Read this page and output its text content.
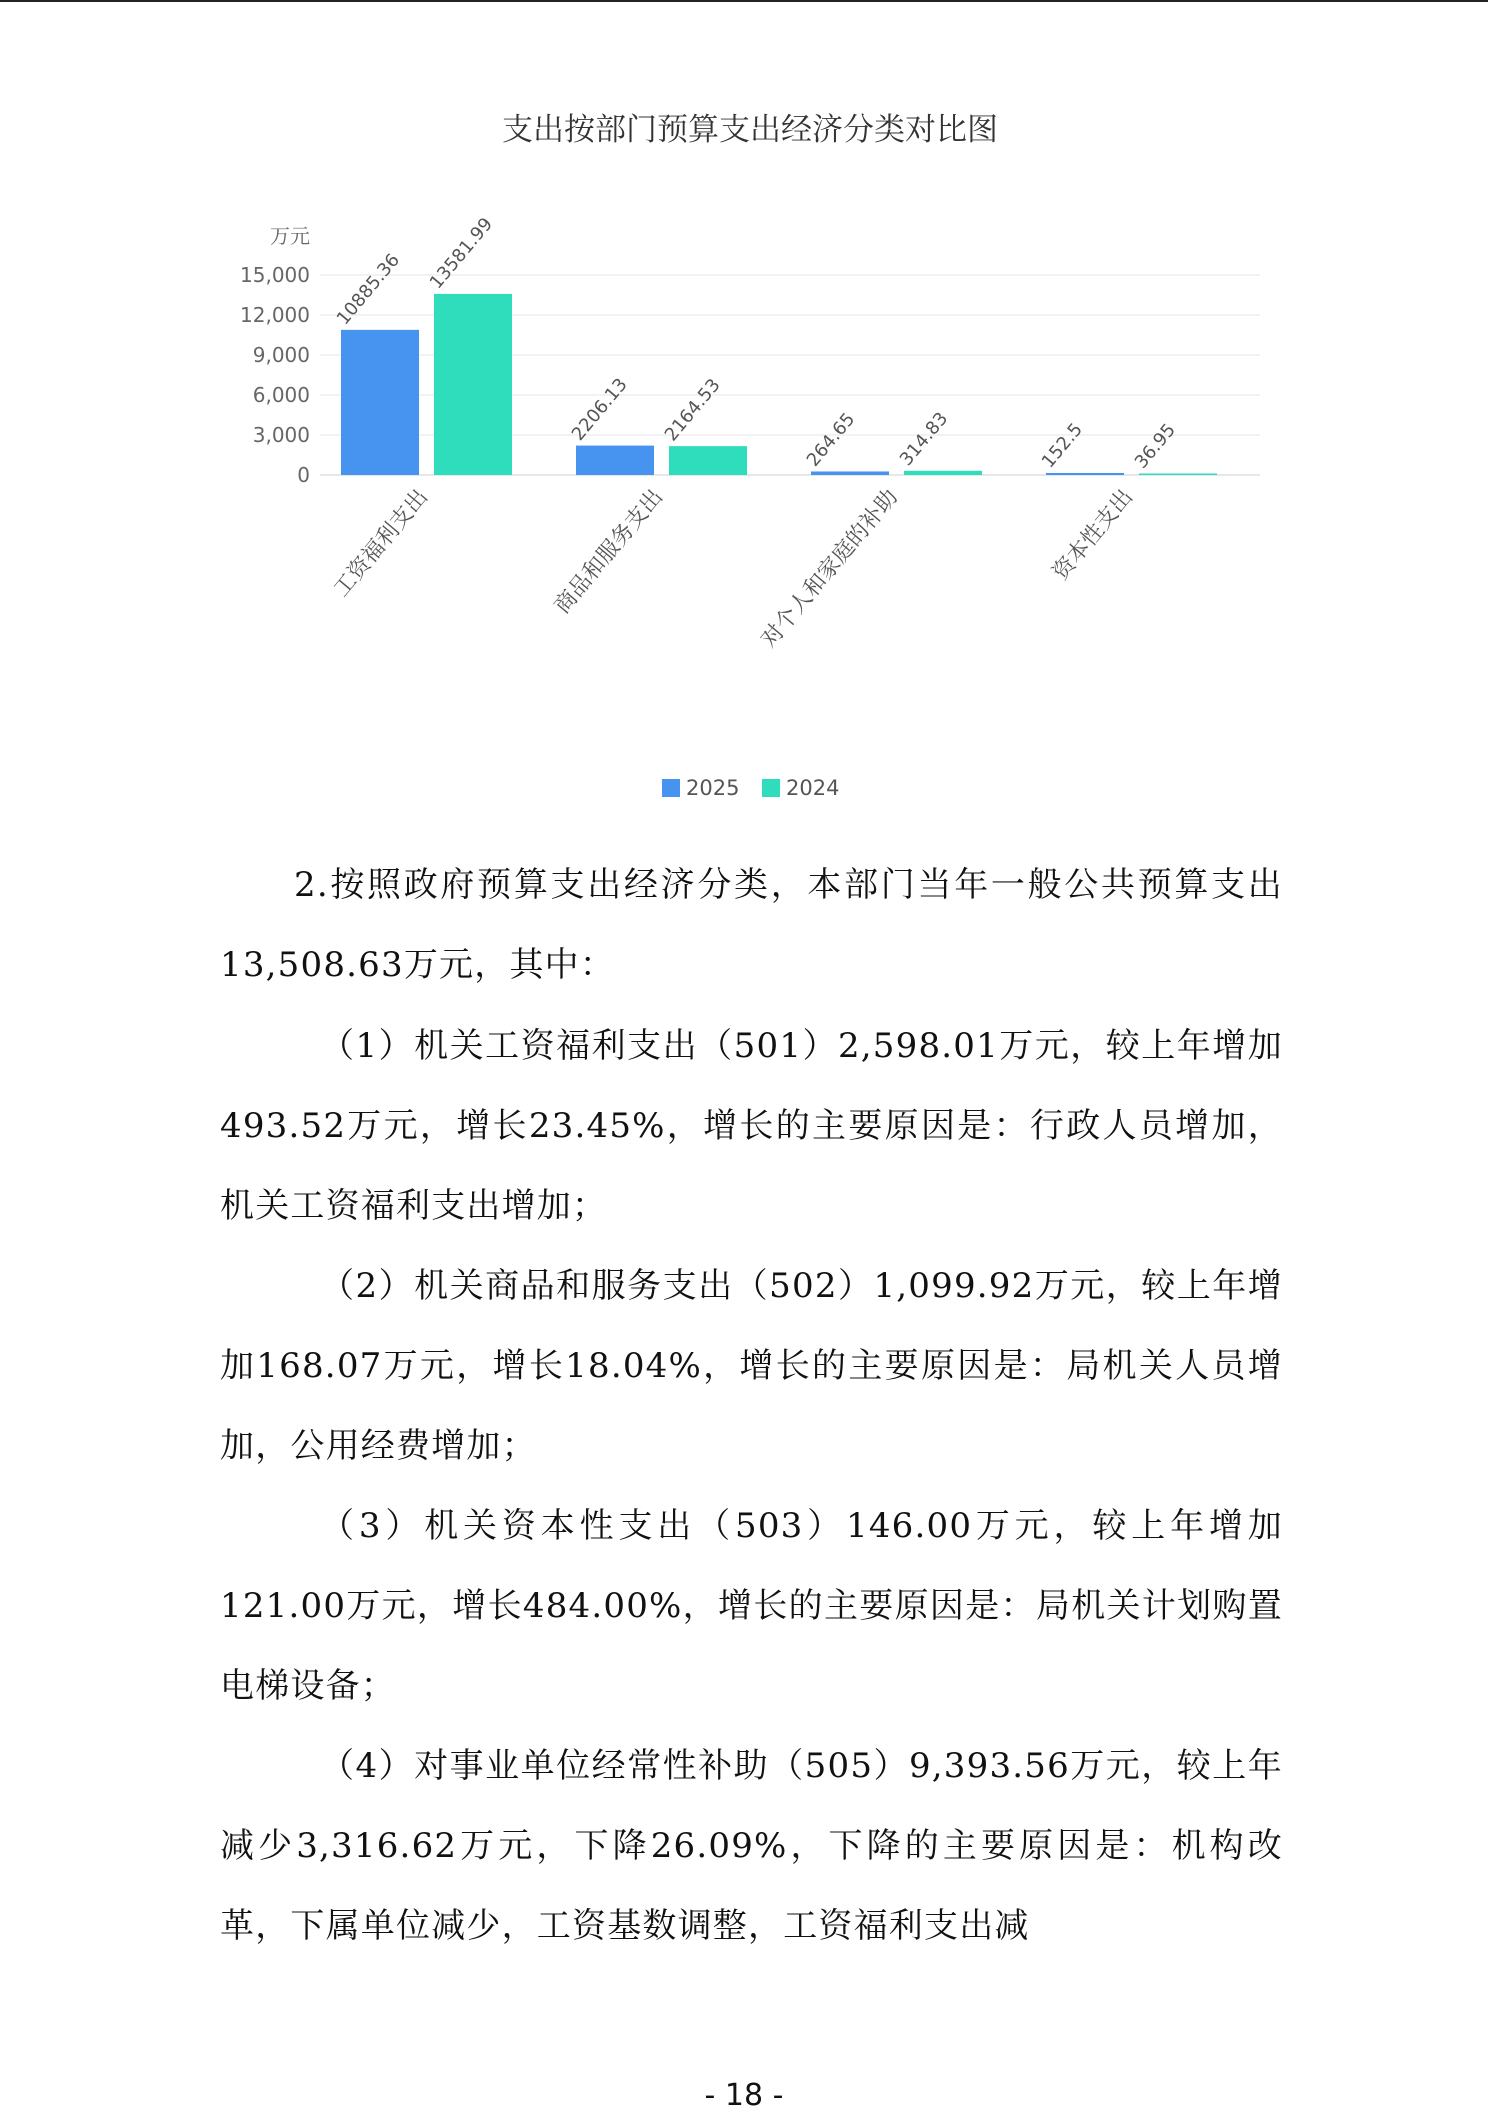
支出按部门预算支出经济分类对比图
万元
0
3,000
6,000
9,000
12,000
15,000 10885.36 13581.99
2206.13 2164.53	264.65 314.83	152.5 36.95
工资福利支出	商品和服务支出	对个人和家庭的补助	资本性支出
2025 2024

2.按照政府预算支出经济分类，本部门当年一般公共预算支出13,508.63万元，其中：

（1）机关工资福利支出（501）2,598.01万元，较上年增加493.52万元，增长23.45%，增长的主要原因是：行政人员增加，机关工资福利支出增加；

（2）机关商品和服务支出（502）1,099.92万元，较上年增加168.07万元，增长18.04%，增长的主要原因是：局机关人员增加，公用经费增加；

（3）机关资本性支出（503）146.00万元，较上年增加121.00万元，增长484.00%，增长的主要原因是：局机关计划购置电梯设备；

（4）对事业单位经常性补助（505）9,393.56万元，较上年减少3,316.62万元，下降26.09%，下降的主要原因是：机构改革，下属单位减少，工资基数调整，工资福利支出减

- 18 -
